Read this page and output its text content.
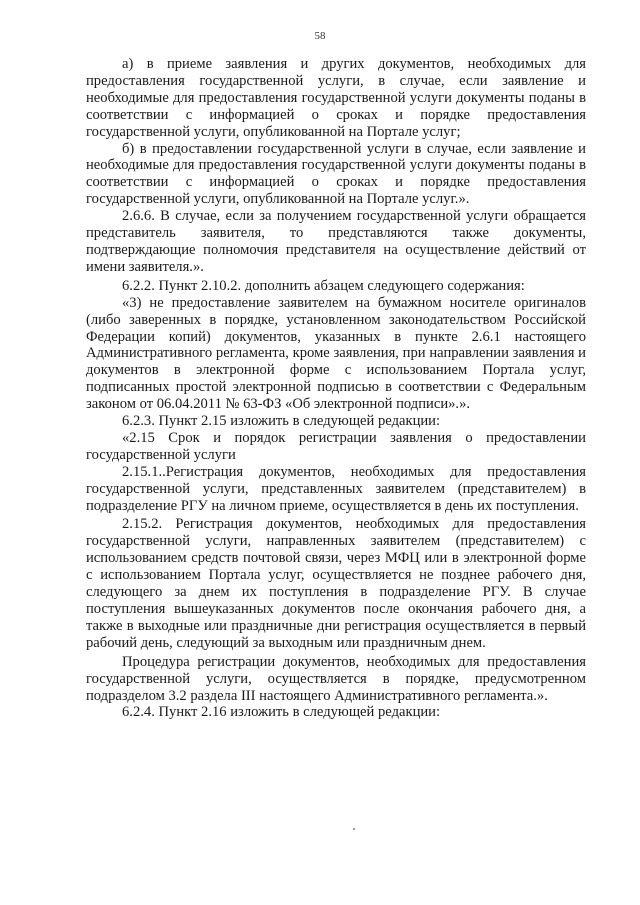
58

а) в приеме заявления и других документов, необходимых для предоставления государственной услуги, в случае, если заявление и необходимые для предоставления государственной услуги документы поданы в соответствии с информацией о сроках и порядке предоставления государственной услуги, опубликованной на Портале услуг;

б) в предоставлении государственной услуги в случае, если заявление и необходимые для предоставления государственной услуги документы поданы в соответствии с информацией о сроках и порядке предоставления государственной услуги, опубликованной на Портале услуг.».

2.6.6. В случае, если за получением государственной услуги обращается представитель заявителя, то представляются также документы, подтверждающие полномочия представителя на осуществление действий от имени заявителя.».

6.2.2. Пункт 2.10.2. дополнить абзацем следующего содержания:

«3) не предоставление заявителем на бумажном носителе оригиналов (либо заверенных в порядке, установленном законодательством Российской Федерации копий) документов, указанных в пункте 2.6.1 настоящего Административного регламента, кроме заявления, при направлении заявления и документов в электронной форме с использованием Портала услуг, подписанных простой электронной подписью в соответствии с Федеральным законом от 06.04.2011 № 63-ФЗ «Об электронной подписи».».

6.2.3. Пункт 2.15 изложить в следующей редакции:

«2.15 Срок и порядок регистрации заявления о предоставлении государственной услуги

2.15.1..Регистрация документов, необходимых для предоставления государственной услуги, представленных заявителем (представителем) в подразделение РГУ на личном приеме, осуществляется в день их поступления.

2.15.2. Регистрация документов, необходимых для предоставления государственной услуги, направленных заявителем (представителем) с использованием средств почтовой связи, через МФЦ или в электронной форме с использованием Портала услуг, осуществляется не позднее рабочего дня, следующего за днем их поступления в подразделение РГУ. В случае поступления вышеуказанных документов после окончания рабочего дня, а также в выходные или праздничные дни регистрация осуществляется в первый рабочий день, следующий за выходным или праздничным днем.

Процедура регистрации документов, необходимых для предоставления государственной услуги, осуществляется в порядке, предусмотренном подразделом 3.2 раздела III настоящего Административного регламента.».

6.2.4. Пункт 2.16 изложить в следующей редакции:
